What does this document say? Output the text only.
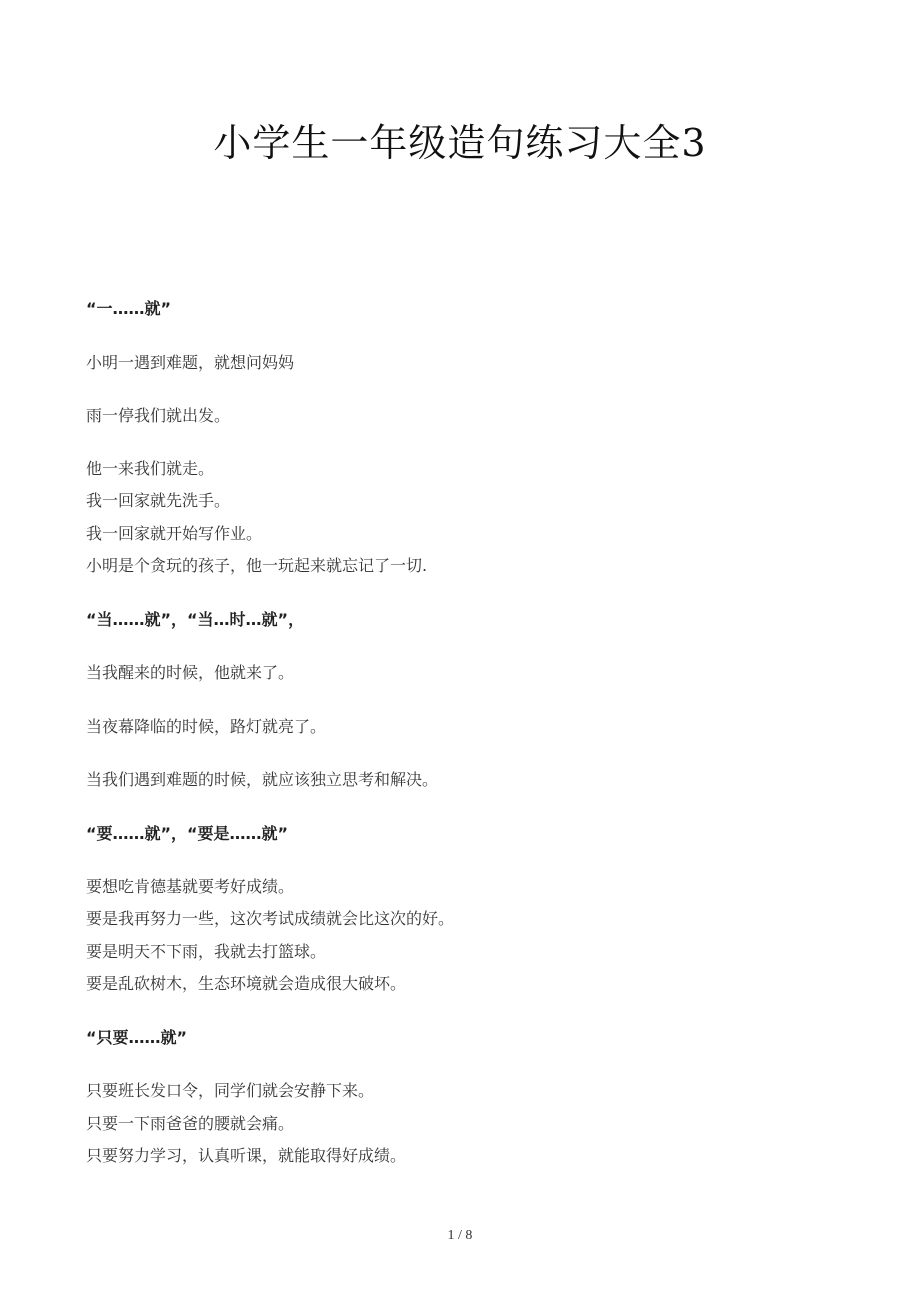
小学生一年级造句练习大全3
“一……就”
小明一遇到难题，就想问妈妈
雨一停我们就出发。
他一来我们就走。
我一回家就先洗手。
我一回家就开始写作业。
小明是个贪玩的孩子，他一玩起来就忘记了一切.
“当……就”，“当…时…就”，
当我醒来的时候，他就来了。
当夜幕降临的时候，路灯就亮了。
当我们遇到难题的时候，就应该独立思考和解决。
“要……就”，“要是……就”
要想吃肯德基就要考好成绩。
要是我再努力一些，这次考试成绩就会比这次的好。
要是明天不下雨，我就去打篮球。
要是乱砍树木，生态环境就会造成很大破坏。
“只要……就”
只要班长发口令，同学们就会安静下来。
只要一下雨爸爸的腰就会痛。
只要努力学习，认真听课，就能取得好成绩。
1 / 8
